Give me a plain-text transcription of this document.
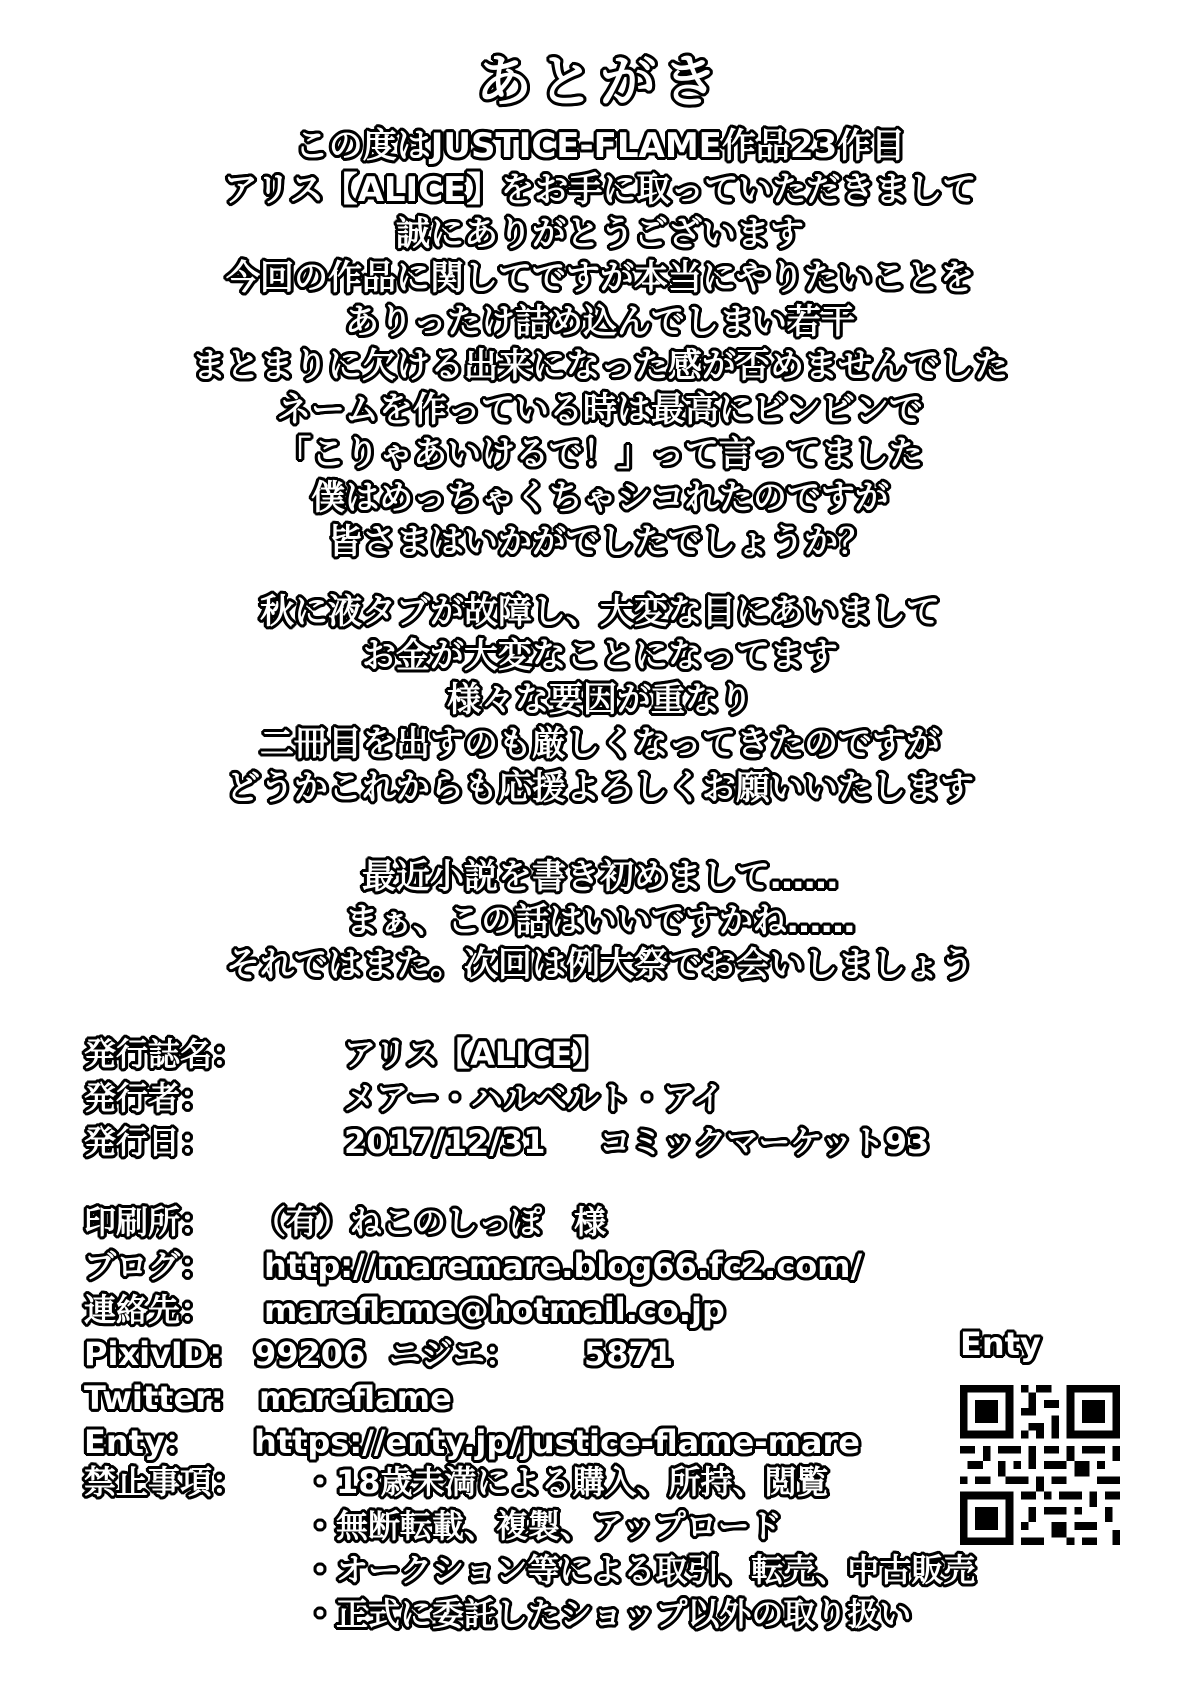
あとがき
この度はJUSTICE-FLAME作品23作目
アリス【ALICE】をお手に取っていただきまして
誠にありがとうございます
今回の作品に関してですが本当にやりたいことを
ありったけ詰め込んでしまい若干
まとまりに欠ける出来になった感が否めませんでした
ネームを作っている時は最高にビンビンで
「こりゃあいけるで！」って言ってました
僕はめっちゃくちゃシコれたのですが
皆さまはいかがでしたでしょうか？
秋に液タブが故障し、大変な目にあいまして
お金が大変なことになってます
様々な要因が重なり
二冊目を出すのも厳しくなってきたのですが
どうかこれからも応援よろしくお願いいたします
最近小説を書き初めまして……
まぁ、この話はいいですかね……
それではまた。次回は例大祭でお会いしましょう
発行誌名：	アリス【ALICE】
発行者：	メアー・ハルベルト・アイ
発行日：	2017/12/31 コミックマーケット93
印刷所： （有）ねこのしっぽ　様
ブログ： http://maremare.blog66.fc2.com/
連絡先： mareflame@hotmail.co.jp
PixivID: 99206 ニジエ： 5871
Twitter: mareflame
Enty： https://enty.jp/justice-flame-mare
Enty
禁止事項： ・18歳未満による購入、所持、閲覧
・無断転載、複製、アップロード
・オークション等による取引、転売、中古販売
・正式に委託したショップ以外の取り扱い
